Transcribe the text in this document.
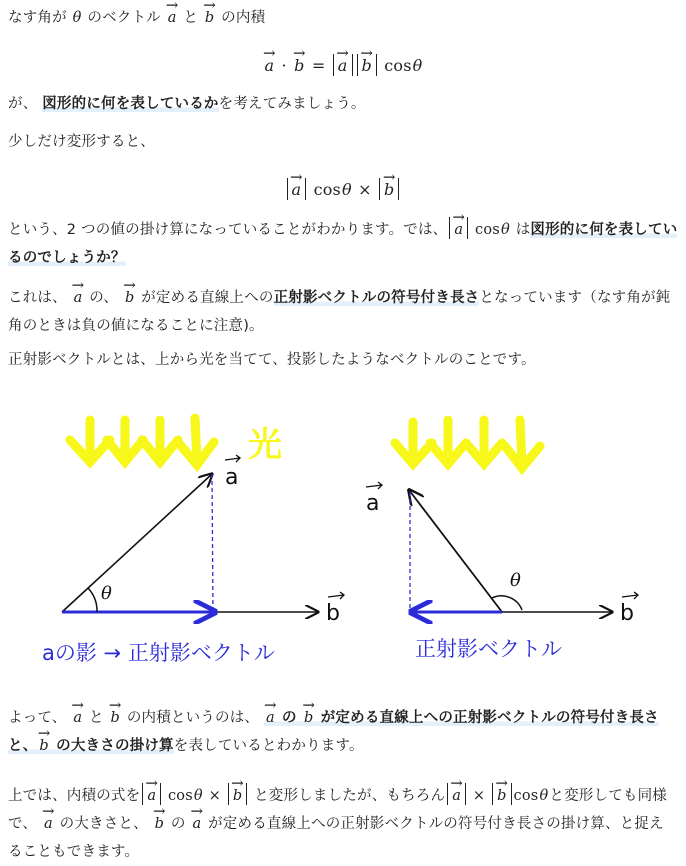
なす角が θ のベクトル → a と → b の内積
→ a · → b = → a → b cosθ
が、 図形的に何を表しているかを考えてみましょう。
少しだけ変形すると、
→ a cosθ × → b
という、2 つの値の掛け算になっていることがわかります。では、 → a cosθ は図形的に何を表しているのでしょうか？
これは、 → a の、 → b が定める直線上への正射影ベクトルの符号付き長さとなっています（なす角が鈍角のときは負の値になることに注意)。
正射影ベクトルとは、上から光を当てて、投影したようなベクトルのことです。
光
θ
a
b
aの影 → 正射影ベクトル
θ
a
b
正射影ベクトル
よって、 → a と → b の内積というのは、 → a の → b が定める直線上への正射影ベクトルの符号付き長さと、 → b の大きさの掛け算を表しているとわかります。
上では、内積の式を → a cosθ × → b と変形しましたが、もちろん → a × → b cosθと変形しても同様で、 → a の大きさと、 → b の → a が定める直線上への正射影ベクトルの符号付き長さの掛け算、と捉えることもできます。
